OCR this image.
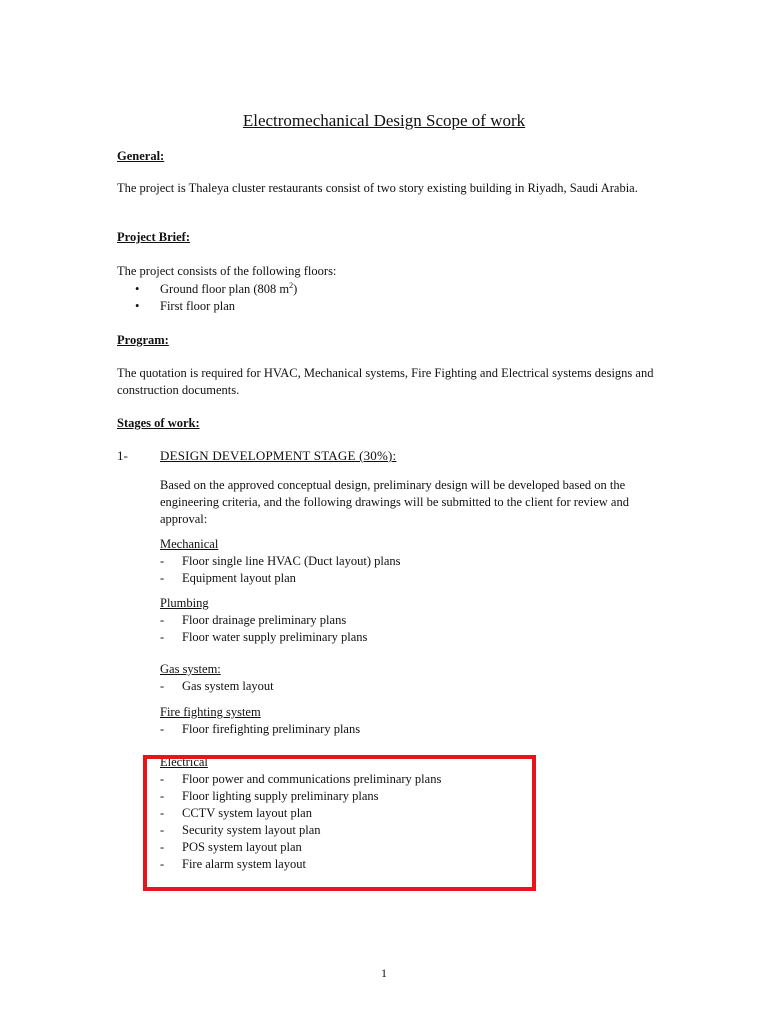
Electromechanical Design Scope of work
General:
The project is Thaleya cluster restaurants consist of two story existing building in Riyadh, Saudi Arabia.
Project Brief:
The project consists of the following floors:
•	Ground floor plan (808 $m^2$)
•	First floor plan
Program:
The quotation is required for HVAC, Mechanical systems, Fire Fighting and Electrical systems designs and construction documents.
Stages of work:
1- DESIGN DEVELOPMENT STAGE (30%):
Based on the approved conceptual design, preliminary design will be developed based on the engineering criteria, and the following drawings will be submitted to the client for review and approval:
Mechanical
-	Floor single line HVAC (Duct layout) plans
-	Equipment layout plan
Plumbing
-	Floor drainage preliminary plans
-	Floor water supply preliminary plans
Gas system:
-	Gas system layout
Fire fighting system
-	Floor firefighting preliminary plans
Electrical
-	Floor power and communications preliminary plans
-	Floor lighting supply preliminary plans
-	CCTV system layout plan
-	Security system layout plan
-	POS system layout plan
-	Fire alarm system layout
1
